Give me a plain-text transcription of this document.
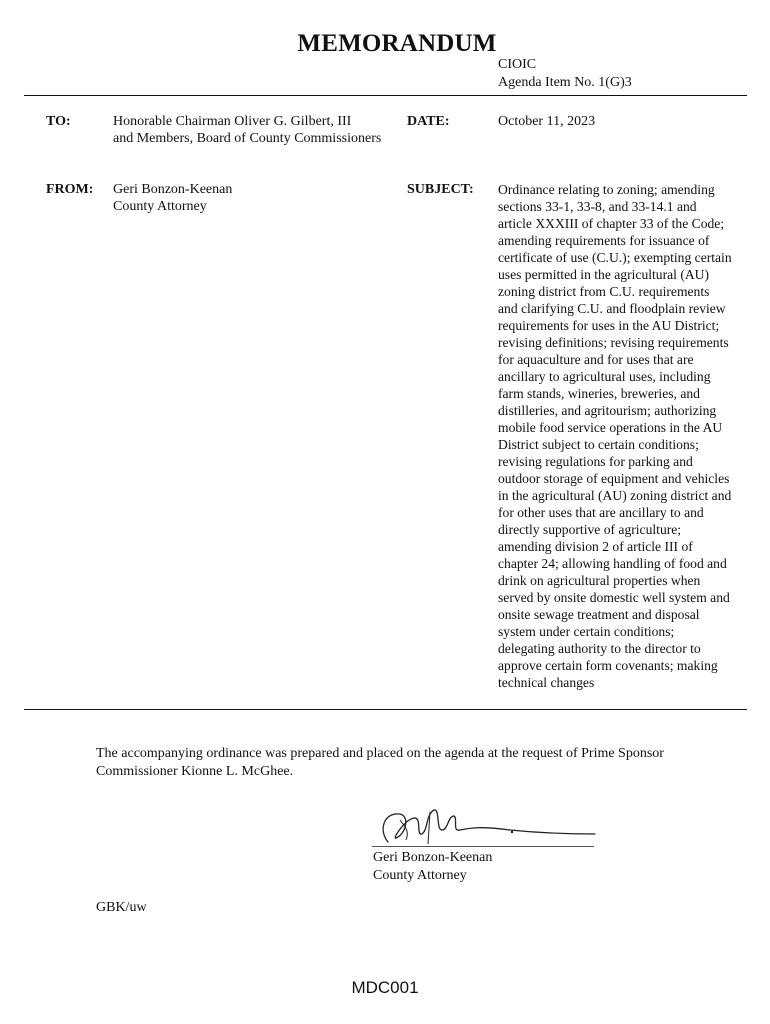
MEMORANDUM
CIOIC
Agenda Item No. 1(G)3
TO:	Honorable Chairman Oliver G. Gilbert, III
and Members, Board of County Commissioners
DATE:	October 11, 2023
FROM: Geri Bonzon-Keenan
County Attorney
SUBJECT: Ordinance relating to zoning; amending
sections 33-1, 33-8, and 33-14.1 and
article XXXIII of chapter 33 of the Code;
amending requirements for issuance of
certificate of use (C.U.); exempting certain
uses permitted in the agricultural (AU)
zoning district from C.U. requirements
and clarifying C.U. and floodplain review
requirements for uses in the AU District;
revising definitions; revising requirements
for aquaculture and for uses that are
ancillary to agricultural uses, including
farm stands, wineries, breweries, and
distilleries, and agritourism; authorizing
mobile food service operations in the AU
District subject to certain conditions;
revising regulations for parking and
outdoor storage of equipment and vehicles
in the agricultural (AU) zoning district and
for other uses that are ancillary to and
directly supportive of agriculture;
amending division 2 of article III of
chapter 24; allowing handling of food and
drink on agricultural properties when
served by onsite domestic well system and
onsite sewage treatment and disposal
system under certain conditions;
delegating authority to the director to
approve certain form covenants; making
technical changes
The accompanying ordinance was prepared and placed on the agenda at the request of Prime Sponsor
Commissioner Kionne L. McGhee.
Geri Bonzon-Keenan
County Attorney
GBK/uw
MDC001
